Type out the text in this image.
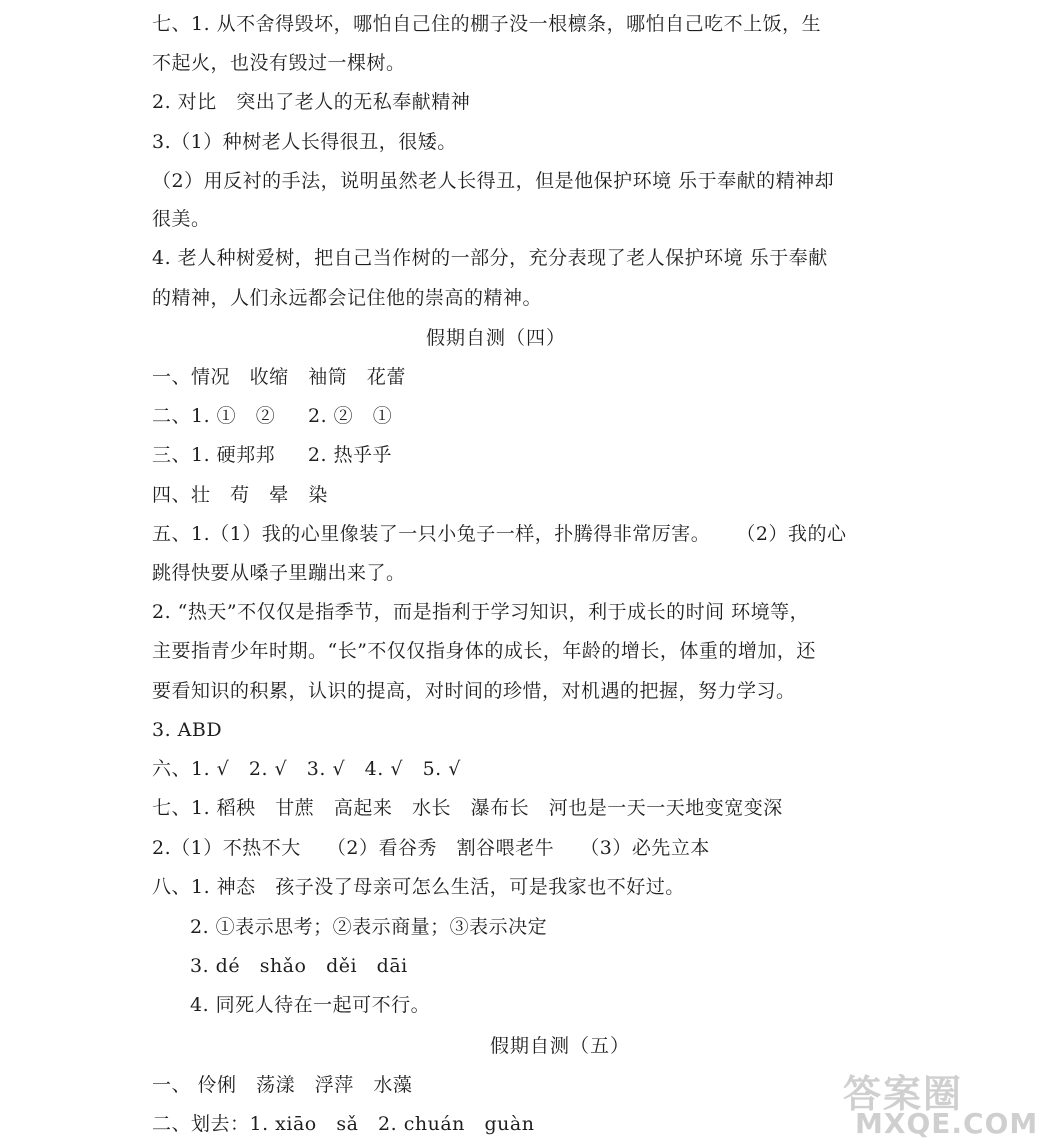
七、1. 从不舍得毁坏，哪怕自己住的棚子没一根檩条，哪怕自己吃不上饭，生
不起火，也没有毁过一棵树。
2. 对比   突出了老人的无私奉献精神
3.（1）种树老人长得很丑，很矮。
（2）用反衬的手法，说明虽然老人长得丑，但是他保护环境 乐于奉献的精神却
很美。
4. 老人种树爱树，把自己当作树的一部分，充分表现了老人保护环境 乐于奉献
的精神，人们永远都会记住他的崇高的精神。
假期自测（四）
一、情况   收缩   袖筒   花蕾
二、1. ①   ②     2. ②   ①
三、1. 硬邦邦     2. 热乎乎
四、壮   苟   晕   染
五、1.（1）我的心里像装了一只小兔子一样，扑腾得非常厉害。    （2）我的心
跳得快要从嗓子里蹦出来了。
2. “热天”不仅仅是指季节，而是指利于学习知识，利于成长的时间 环境等，
主要指青少年时期。“长”不仅仅指身体的成长，年龄的增长，体重的增加，还
要看知识的积累，认识的提高，对时间的珍惜，对机遇的把握，努力学习。
3. ABD
六、1. √   2. √   3. √   4. √   5. √
七、1. 稻秧   甘蔗   高起来   水长   瀑布长   河也是一天一天地变宽变深
2.（1）不热不大    （2）看谷秀   割谷喂老牛    （3）必先立本
八、1. 神态   孩子没了母亲可怎么生活，可是我家也不好过。
2. ①表示思考；②表示商量；③表示决定
3. dé   shǎo   děi   dāi
4. 同死人待在一起可不行。
假期自测（五）
一、 伶俐   荡漾   浮萍   水藻
二、划去：1. xiāo   sǎ   2. chuán   guàn
答案圈
MXQE.COM
